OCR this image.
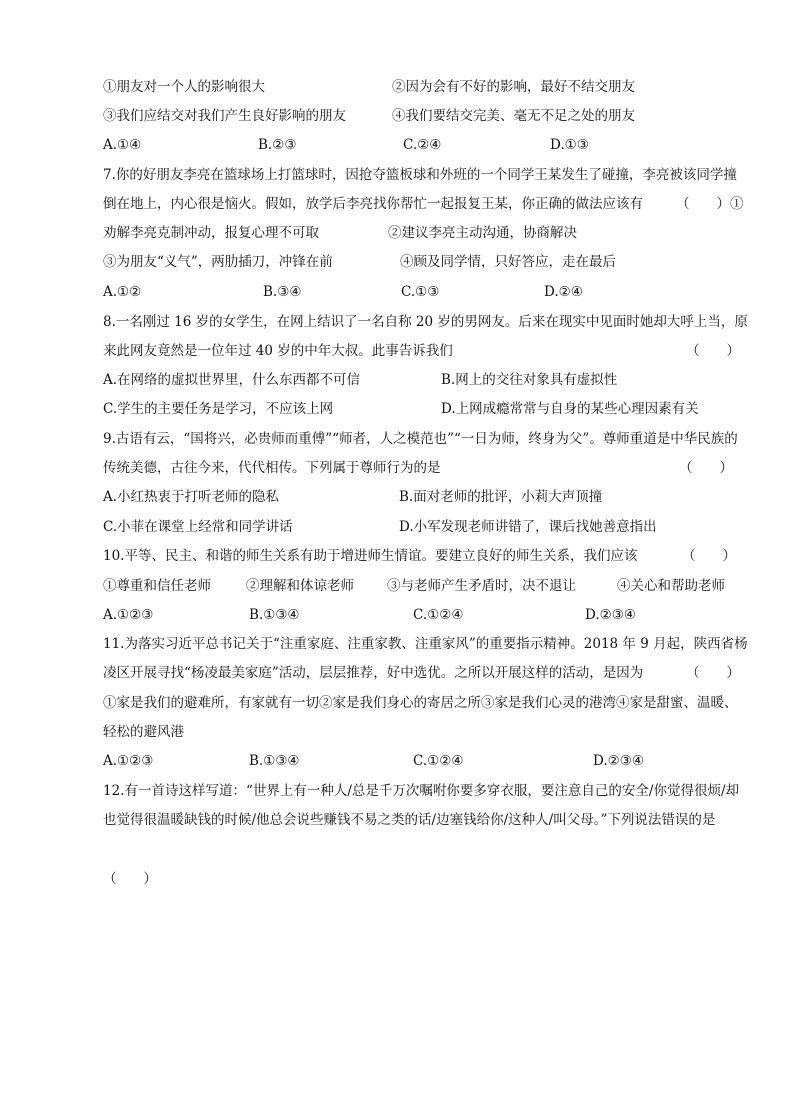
①朋友对一个人的影响很大	②因为会有不好的影响，最好不结交朋友
③我们应结交对我们产生良好影响的朋友	④我们要结交完美、毫无不足之处的朋友
A.①④	B.②③	C.②④	D.①③
7.你的好朋友李亮在篮球场上打篮球时，因抢夺篮板球和外班的一个同学王某发生了碰撞，李亮被该同学撞
倒在地上，内心很是恼火。假如，放学后李亮找你帮忙一起报复王某，你正确的做法应该有 （　　）①
劝解李亮克制冲动，报复心理不可取	②建议李亮主动沟通，协商解决
③为朋友“义气”，两肋插刀，冲锋在前	④顾及同学情，只好答应，走在最后
A.①②	B.③④	C.①③	D.②④
8.一名刚过 16 岁的女学生，在网上结识了一名自称 20 岁的男网友。后来在现实中见面时她却大呼上当，原
来此网友竟然是一位年过 40 岁的中年大叔。此事告诉我们	（　　）
A.在网络的虚拟世界里，什么东西都不可信	B.网上的交往对象具有虚拟性
C.学生的主要任务是学习，不应该上网	D.上网成瘾常常与自身的某些心理因素有关
9.古语有云，“国将兴，必贵师而重傅”“师者，人之模范也”“一日为师，终身为父”。尊师重道是中华民族的
传统美德，古往今来，代代相传。下列属于尊师行为的是	（　　）
A.小红热衷于打听老师的隐私	B.面对老师的批评，小莉大声顶撞
C.小菲在课堂上经常和同学讲话	D.小军发现老师讲错了，课后找她善意指出
10.平等、民主、和谐的师生关系有助于增进师生情谊。要建立良好的师生关系，我们应该	（　　）
①尊重和信任老师	②理解和体谅老师 ③与老师产生矛盾时，决不退让	④关心和帮助老师
A.①②③	B.①③④	C.①②④	D.②③④
11.为落实习近平总书记关于“注重家庭、注重家教、注重家风”的重要指示精神。2018 年 9 月起，陕西省杨
凌区开展寻找“杨凌最美家庭”活动，层层推荐，好中选优。之所以开展这样的活动，是因为	（　　）
①家是我们的避难所，有家就有一切②家是我们身心的寄居之所③家是我们心灵的港湾④家是甜蜜、温暖、
轻松的避风港
A.①②③	B.①③④	C.①②④	D.②③④
12.有一首诗这样写道：“世界上有一种人/总是千万次嘱咐你要多穿衣服，要注意自己的安全/你觉得很烦/却
也觉得很温暖缺钱的时候/他总会说些赚钱不易之类的话/边塞钱给你/这种人/叫父母。”下列说法错误的是
（　　）
